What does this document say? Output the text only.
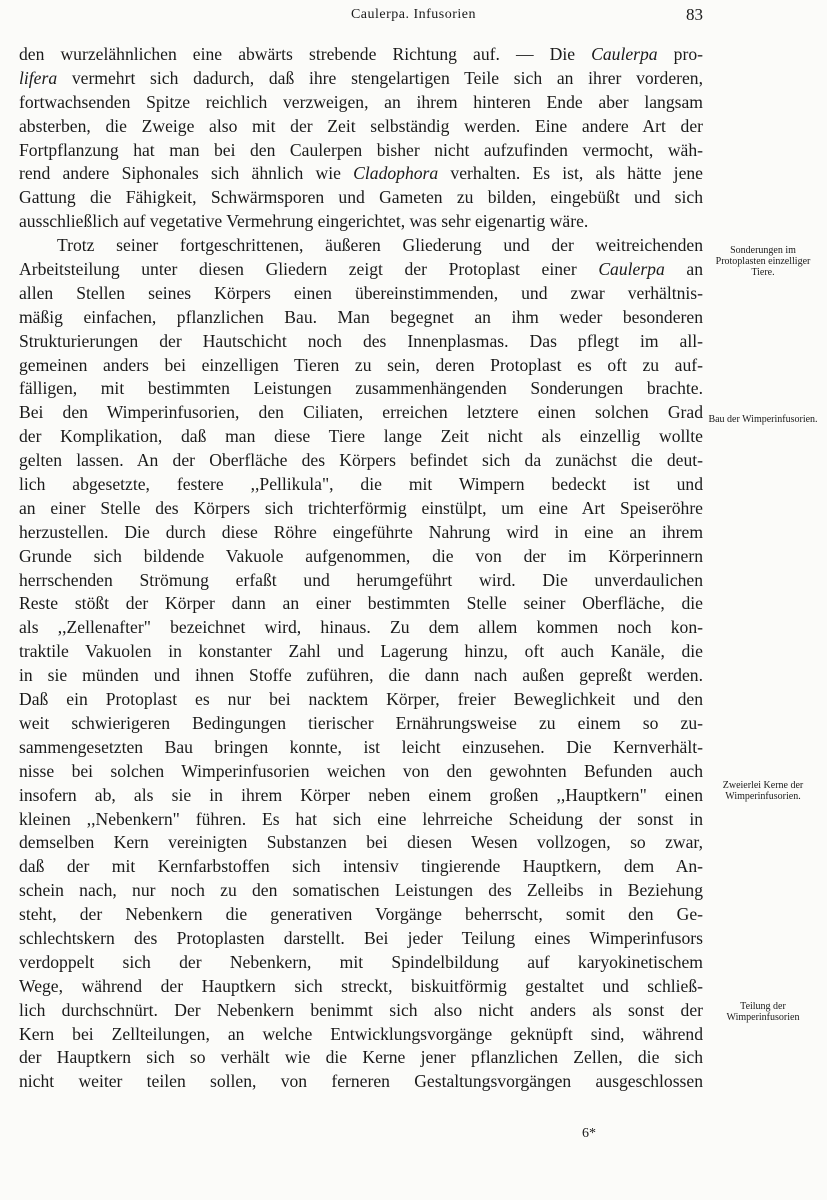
Caulerpa. Infusorien	83
den wurzelähnlichen eine abwärts strebende Richtung auf. — Die Caulerpa pro-
lifera vermehrt sich dadurch, daß ihre stengelartigen Teile sich an ihrer vorderen,
fortwachsenden Spitze reichlich verzweigen, an ihrem hinteren Ende aber langsam
absterben, die Zweige also mit der Zeit selbständig werden. Eine andere Art der
Fortpflanzung hat man bei den Caulerpen bisher nicht aufzufinden vermocht, wäh-
rend andere Siphonales sich ähnlich wie Cladophora verhalten. Es ist, als hätte jene
Gattung die Fähigkeit, Schwärmsporen und Gameten zu bilden, eingebüßt und sich
ausschließlich auf vegetative Vermehrung eingerichtet, was sehr eigenartig wäre.
Trotz seiner fortgeschrittenen, äußeren Gliederung und der weitreichenden
Arbeitsteilung unter diesen Gliedern zeigt der Protoplast einer Caulerpa an
allen Stellen seines Körpers einen übereinstimmenden, und zwar verhältnis-
mäßig einfachen, pflanzlichen Bau. Man begegnet an ihm weder besonderen
Strukturierungen der Hautschicht noch des Innenplasmas. Das pflegt im all-
gemeinen anders bei einzelligen Tieren zu sein, deren Protoplast es oft zu auf-
fälligen, mit bestimmten Leistungen zusammenhängenden Sonderungen brachte.
Bei den Wimperinfusorien, den Ciliaten, erreichen letztere einen solchen Grad
der Komplikation, daß man diese Tiere lange Zeit nicht als einzellig wollte
gelten lassen. An der Oberfläche des Körpers befindet sich da zunächst die deut-
lich abgesetzte, festere ,,Pellikula", die mit Wimpern bedeckt ist und
an einer Stelle des Körpers sich trichterförmig einstülpt, um eine Art Speiseröhre
herzustellen. Die durch diese Röhre eingeführte Nahrung wird in eine an ihrem
Grunde sich bildende Vakuole aufgenommen, die von der im Körperinnern
herrschenden Strömung erfaßt und herumgeführt wird. Die unverdaulichen
Reste stößt der Körper dann an einer bestimmten Stelle seiner Oberfläche, die
als ,,Zellenafter" bezeichnet wird, hinaus. Zu dem allem kommen noch kon-
traktile Vakuolen in konstanter Zahl und Lagerung hinzu, oft auch Kanäle, die
in sie münden und ihnen Stoffe zuführen, die dann nach außen gepreßt werden.
Daß ein Protoplast es nur bei nacktem Körper, freier Beweglichkeit und den
weit schwierigeren Bedingungen tierischer Ernährungsweise zu einem so zu-
sammengesetzten Bau bringen konnte, ist leicht einzusehen. Die Kernverhält-
nisse bei solchen Wimperinfusorien weichen von den gewohnten Befunden auch
insofern ab, als sie in ihrem Körper neben einem großen ,,Hauptkern" einen
kleinen ,,Nebenkern" führen. Es hat sich eine lehrreiche Scheidung der sonst in
demselben Kern vereinigten Substanzen bei diesen Wesen vollzogen, so zwar,
daß der mit Kernfarbstoffen sich intensiv tingierende Hauptkern, dem An-
schein nach, nur noch zu den somatischen Leistungen des Zelleibs in Beziehung
steht, der Nebenkern die generativen Vorgänge beherrscht, somit den Ge-
schlechtskern des Protoplasten darstellt. Bei jeder Teilung eines Wimperinfusors
verdoppelt sich der Nebenkern, mit Spindelbildung auf karyokinetischem
Wege, während der Hauptkern sich streckt, biskuitförmig gestaltet und schließ-
lich durchschnürt. Der Nebenkern benimmt sich also nicht anders als sonst der
Kern bei Zellteilungen, an welche Entwicklungsvorgänge geknüpft sind, während
der Hauptkern sich so verhält wie die Kerne jener pflanzlichen Zellen, die sich
nicht weiter teilen sollen, von ferneren Gestaltungsvorgängen ausgeschlossen
Sonderungen im Protoplasten einzelliger Tiere.
Bau der Wimperinfusorien.
Zweierlei Kerne der Wimperinfusorien.
Teilung der Wimperinfusorien
6*
